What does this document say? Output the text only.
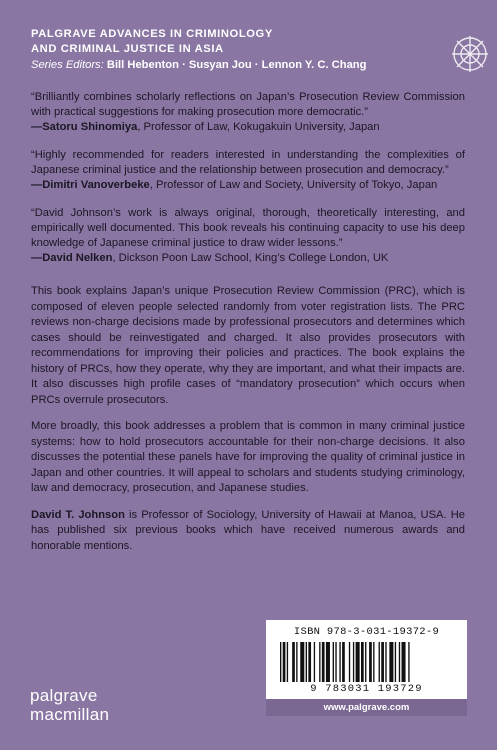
PALGRAVE ADVANCES IN CRIMINOLOGY
AND CRIMINAL JUSTICE IN ASIA

Series Editors: Bill Hebenton · Susyan Jou · Lennon Y. C. Chang

“Brilliantly combines scholarly reflections on Japan’s Prosecution Review Commission with practical suggestions for making prosecution more democratic.”

—Satoru Shinomiya, Professor of Law, Kokugakuin University, Japan

“Highly recommended for readers interested in understanding the complexities of Japanese criminal justice and the relationship between prosecution and democracy.”

—Dimitri Vanoverbeke, Professor of Law and Society, University of Tokyo, Japan

“David Johnson’s work is always original, thorough, theoretically interesting, and empirically well documented. This book reveals his continuing capacity to use his deep knowledge of Japanese criminal justice to draw wider lessons.”

—David Nelken, Dickson Poon Law School, King’s College London, UK

This book explains Japan’s unique Prosecution Review Commission (PRC), which is composed of eleven people selected randomly from voter registration lists. The PRC reviews non-charge decisions made by professional prosecutors and determines which cases should be reinvestigated and charged. It also provides prosecutors with recommendations for improving their policies and practices. The book explains the history of PRCs, how they operate, why they are important, and what their impacts are. It also discusses high profile cases of “mandatory prosecution” which occurs when PRCs overrule prosecutors.

More broadly, this book addresses a problem that is common in many criminal justice systems: how to hold prosecutors accountable for their non-charge decisions. It also discusses the potential these panels have for improving the quality of criminal justice in Japan and other countries. It will appeal to scholars and students studying criminology, law and democracy, prosecution, and Japanese studies.

David T. Johnson is Professor of Sociology, University of Hawaii at Manoa, USA. He has published six previous books which have received numerous awards and honorable mentions.

ISBN 978-3-031-19372-9
9 783031 193729
www.palgrave.com
palgrave
macmillan
